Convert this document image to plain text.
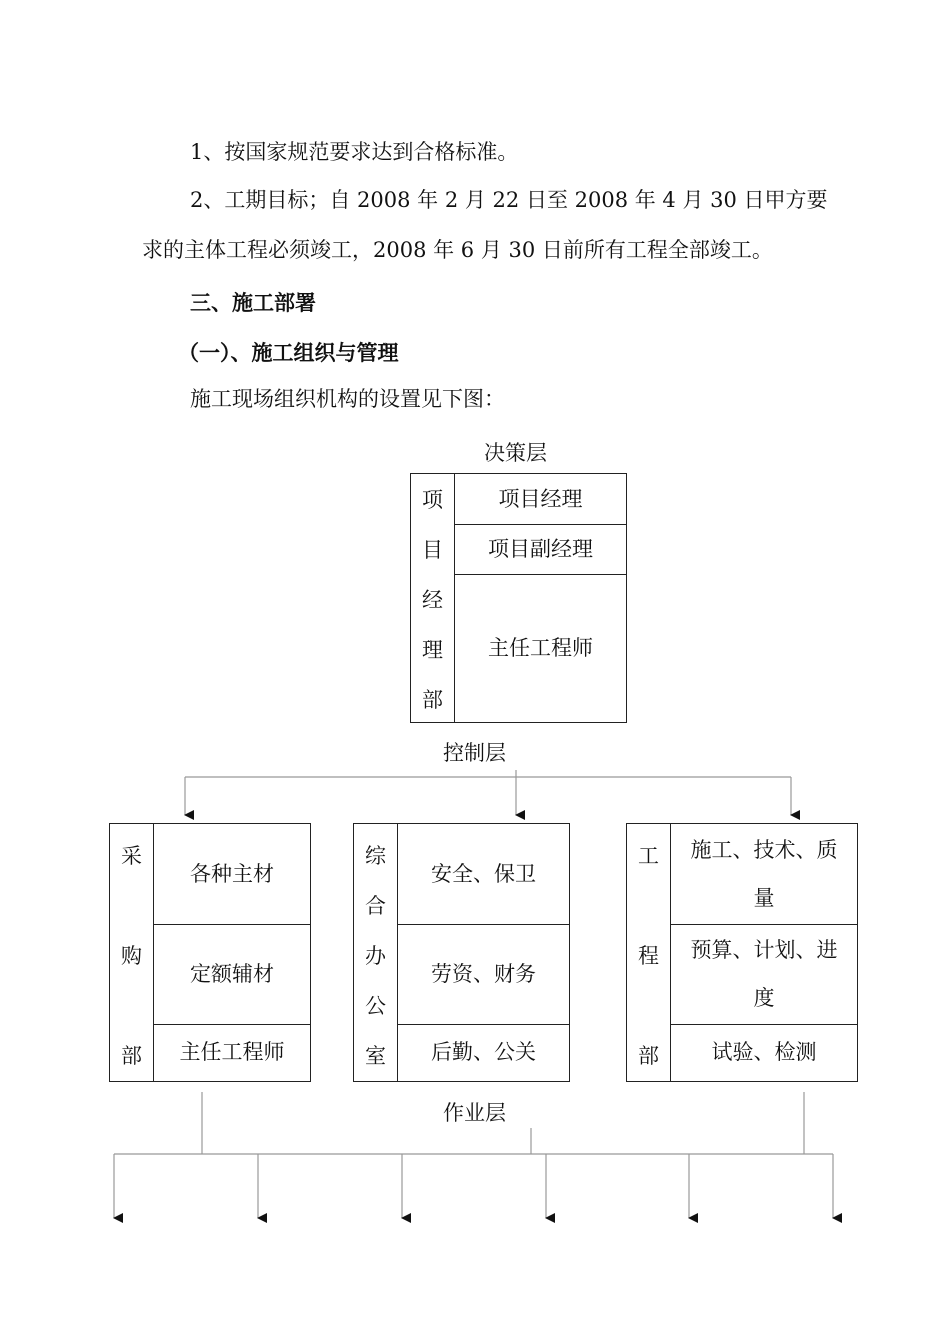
1、按国家规范要求达到合格标准。
2、工期目标；自 2008 年 2 月 22 日至 2008 年 4 月 30 日甲方要
求的主体工程必须竣工，2008 年 6 月 30 日前所有工程全部竣工。
三、施工部署
（一）、施工组织与管理
施工现场组织机构的设置见下图：
决策层
控制层
作业层
项
目
经
理
部
项目经理
项目副经理
主任工程师
采
购
部
各种主材
定额辅材
主任工程师
综
合
办
公
室
安全、保卫
劳资、财务
后勤、公关
工
程
部
施工、技术、质
量
预算、计划、进
度
试验、检测
